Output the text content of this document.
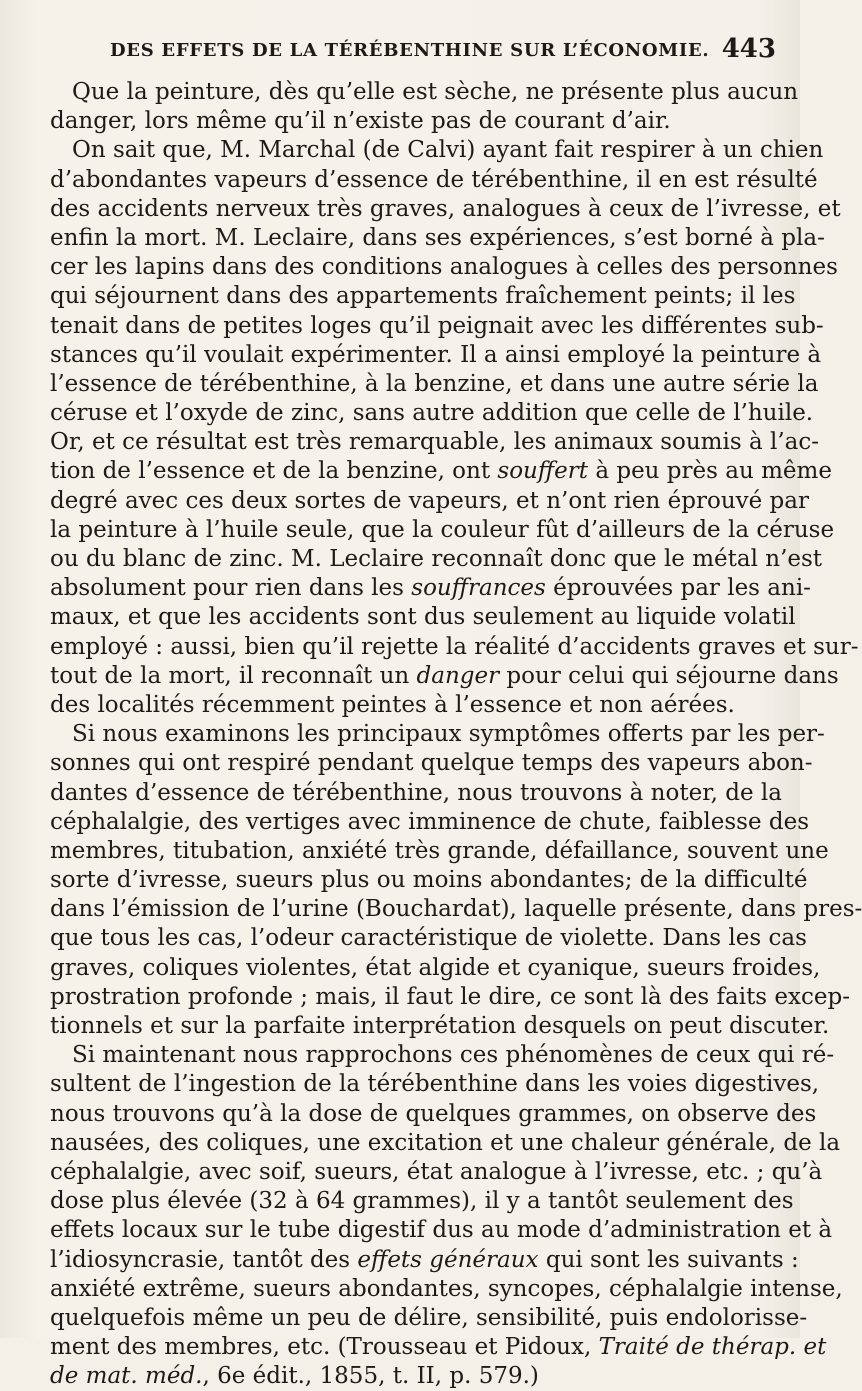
DES EFFETS DE LA TÉRÉBENTHINE SUR L’ÉCONOMIE. 443
Que la peinture, dès qu’elle est sèche, ne présente plus aucun
danger, lors même qu’il n’existe pas de courant d’air.
On sait que, M. Marchal (de Calvi) ayant fait respirer à un chien
d’abondantes vapeurs d’essence de térébenthine, il en est résulté
des accidents nerveux très graves, analogues à ceux de l’ivresse, et
enfin la mort. M. Leclaire, dans ses expériences, s’est borné à pla-
cer les lapins dans des conditions analogues à celles des personnes
qui séjournent dans des appartements fraîchement peints; il les
tenait dans de petites loges qu’il peignait avec les différentes sub-
stances qu’il voulait expérimenter. Il a ainsi employé la peinture à
l’essence de térébenthine, à la benzine, et dans une autre série la
céruse et l’oxyde de zinc, sans autre addition que celle de l’huile.
Or, et ce résultat est très remarquable, les animaux soumis à l’ac-
tion de l’essence et de la benzine, ont souffert à peu près au même
degré avec ces deux sortes de vapeurs, et n’ont rien éprouvé par
la peinture à l’huile seule, que la couleur fût d’ailleurs de la céruse
ou du blanc de zinc. M. Leclaire reconnaît donc que le métal n’est
absolument pour rien dans les souffrances éprouvées par les ani-
maux, et que les accidents sont dus seulement au liquide volatil
employé : aussi, bien qu’il rejette la réalité d’accidents graves et sur-
tout de la mort, il reconnaît un danger pour celui qui séjourne dans
des localités récemment peintes à l’essence et non aérées.
Si nous examinons les principaux symptômes offerts par les per-
sonnes qui ont respiré pendant quelque temps des vapeurs abon-
dantes d’essence de térébenthine, nous trouvons à noter, de la
céphalalgie, des vertiges avec imminence de chute, faiblesse des
membres, titubation, anxiété très grande, défaillance, souvent une
sorte d’ivresse, sueurs plus ou moins abondantes; de la difficulté
dans l’émission de l’urine (Bouchardat), laquelle présente, dans pres-
que tous les cas, l’odeur caractéristique de violette. Dans les cas
graves, coliques violentes, état algide et cyanique, sueurs froides,
prostration profonde ; mais, il faut le dire, ce sont là des faits excep-
tionnels et sur la parfaite interprétation desquels on peut discuter.
Si maintenant nous rapprochons ces phénomènes de ceux qui ré-
sultent de l’ingestion de la térébenthine dans les voies digestives,
nous trouvons qu’à la dose de quelques grammes, on observe des
nausées, des coliques, une excitation et une chaleur générale, de la
céphalalgie, avec soif, sueurs, état analogue à l’ivresse, etc. ; qu’à
dose plus élevée (32 à 64 grammes), il y a tantôt seulement des
effets locaux sur le tube digestif dus au mode d’administration et à
l’idiosyncrasie, tantôt des effets généraux qui sont les suivants :
anxiété extrême, sueurs abondantes, syncopes, céphalalgie intense,
quelquefois même un peu de délire, sensibilité, puis endolorisse-
ment des membres, etc. (Trousseau et Pidoux, Traité de thérap. et
de mat. méd., 6e édit., 1855, t. II, p. 579.)
